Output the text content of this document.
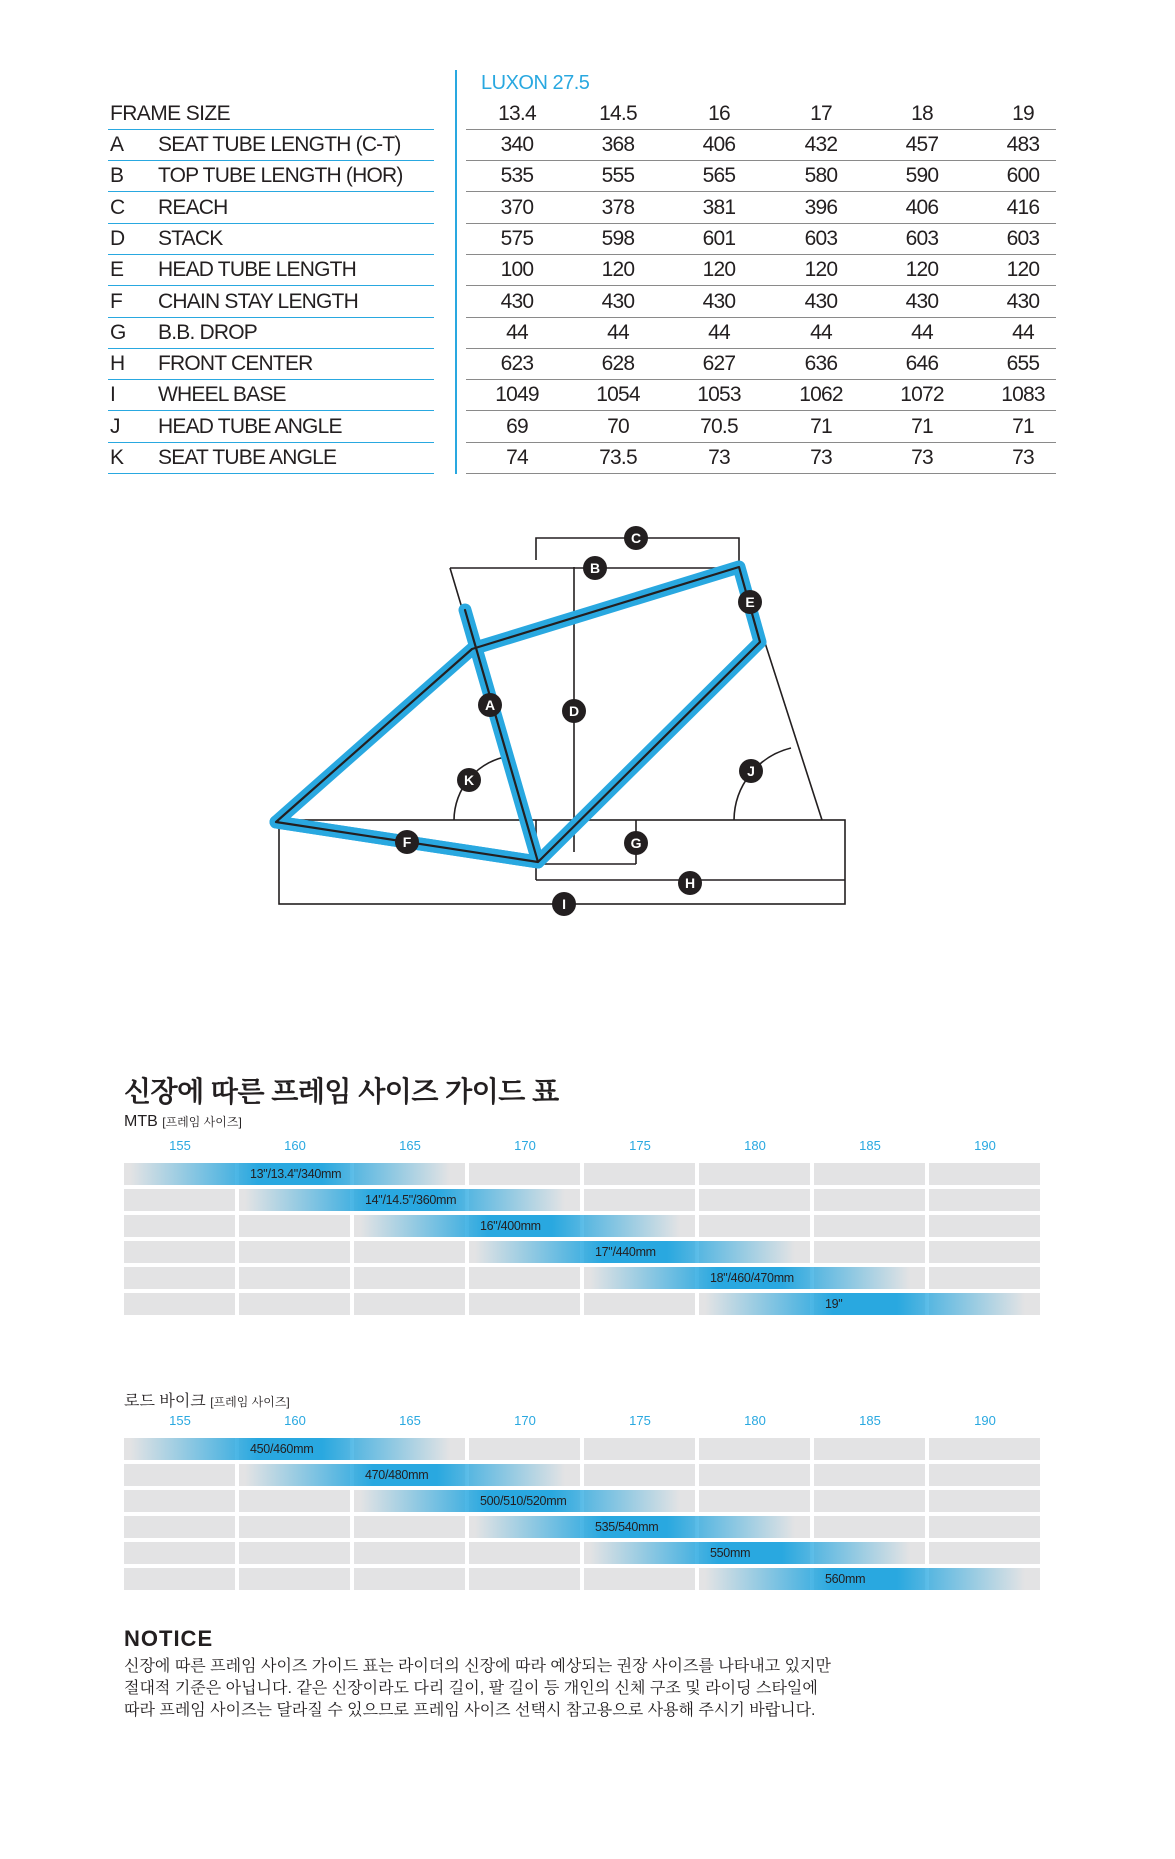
LUXON 27.5
FRAME SIZE	13.4	14.5	16	17	18	19
A SEAT TUBE LENGTH (C-T)	340	368	406	432	457	483
B TOP TUBE LENGTH (HOR)	535	555	565	580	590	600
C REACH	370	378	381	396	406	416
D STACK	575	598	601	603	603	603
E HEAD TUBE LENGTH	100	120	120	120	120	120
F CHAIN STAY LENGTH	430	430	430	430	430	430
G B.B. DROP	44	44	44	44	44	44
H FRONT CENTER	623	628	627	636	646	655
I WHEEL BASE	1049	1054	1053	1062	1072	1083
J HEAD TUBE ANGLE	69	70	70.5	71	71	71
K SEAT TUBE ANGLE	74	73.5	73	73	73	73
C
B
E
A	D
J
K
F	G
H
I
신장에 따른 프레임 사이즈 가이드 표
MTB [프레임 사이즈]
155	160	165	170	175	180	185	190
13"/13.4"/340mm
14"/14.5"/360mm
16"/400mm
17"/440mm
18"/460/470mm
19"
로드 바이크 [프레임 사이즈]
155	160	165	170	175	180	185	190
450/460mm
470/480mm
500/510/520mm
535/540mm
550mm
560mm
NOTICE
신장에 따른 프레임 사이즈 가이드 표는 라이더의 신장에 따라 예상되는 권장 사이즈를 나타내고 있지만
절대적 기준은 아닙니다. 같은 신장이라도 다리 길이, 팔 길이 등 개인의 신체 구조 및 라이딩 스타일에
따라 프레임 사이즈는 달라질 수 있으므로 프레임 사이즈 선택시 참고용으로 사용해 주시기 바랍니다.
